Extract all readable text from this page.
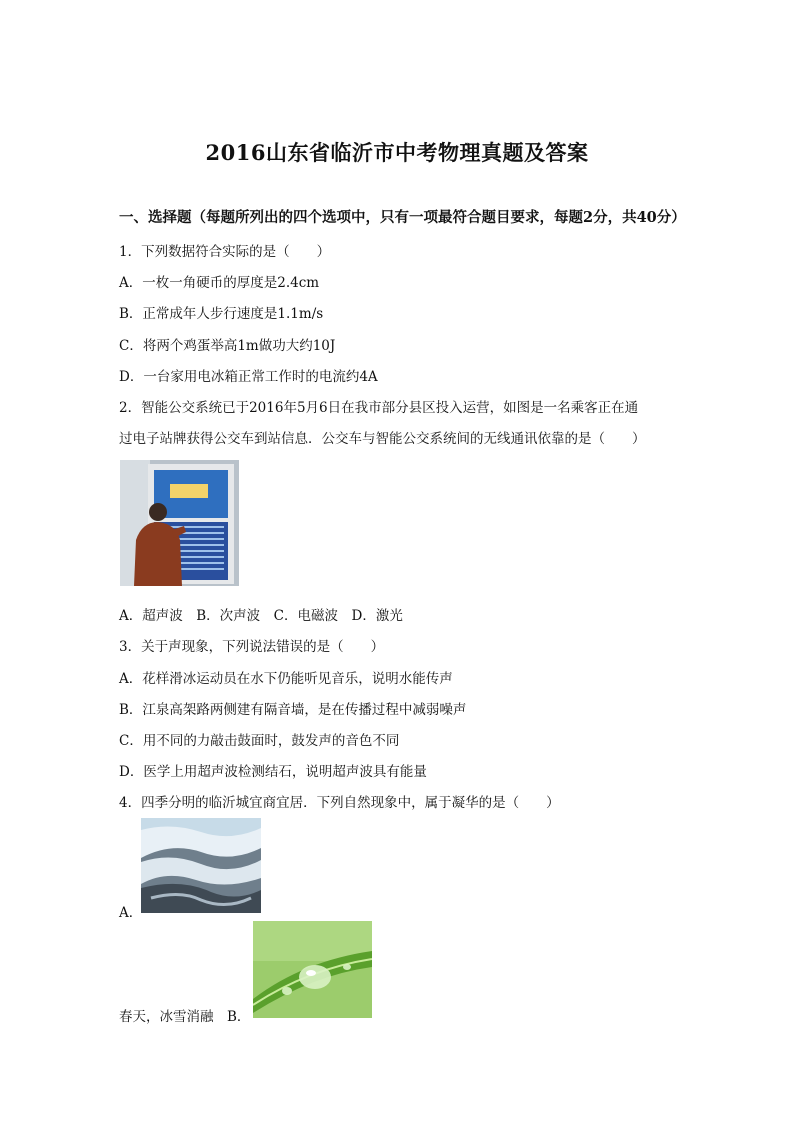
2016山东省临沂市中考物理真题及答案
一、选择题（每题所列出的四个选项中，只有一项最符合题目要求，每题2分，共40分）
1．下列数据符合实际的是（　　）
A．一枚一角硬币的厚度是2.4cm
B．正常成年人步行速度是1.1m/s
C．将两个鸡蛋举高1m做功大约10J
D．一台家用电冰箱正常工作时的电流约4A
2．智能公交系统已于2016年5月6日在我市部分县区投入运营，如图是一名乘客正在通
过电子站牌获得公交车到站信息．公交车与智能公交系统间的无线通讯依靠的是（　　）
A．超声波　B．次声波　C．电磁波　D．激光
3．关于声现象，下列说法错误的是（　　）
A．花样滑冰运动员在水下仍能听见音乐，说明水能传声
B．江泉高架路两侧建有隔音墙，是在传播过程中减弱噪声
C．用不同的力敲击鼓面时，鼓发声的音色不同
D．医学上用超声波检测结石，说明超声波具有能量
4．四季分明的临沂城宜商宜居．下列自然现象中，属于凝华的是（　　）
A．
春天，冰雪消融　B．
